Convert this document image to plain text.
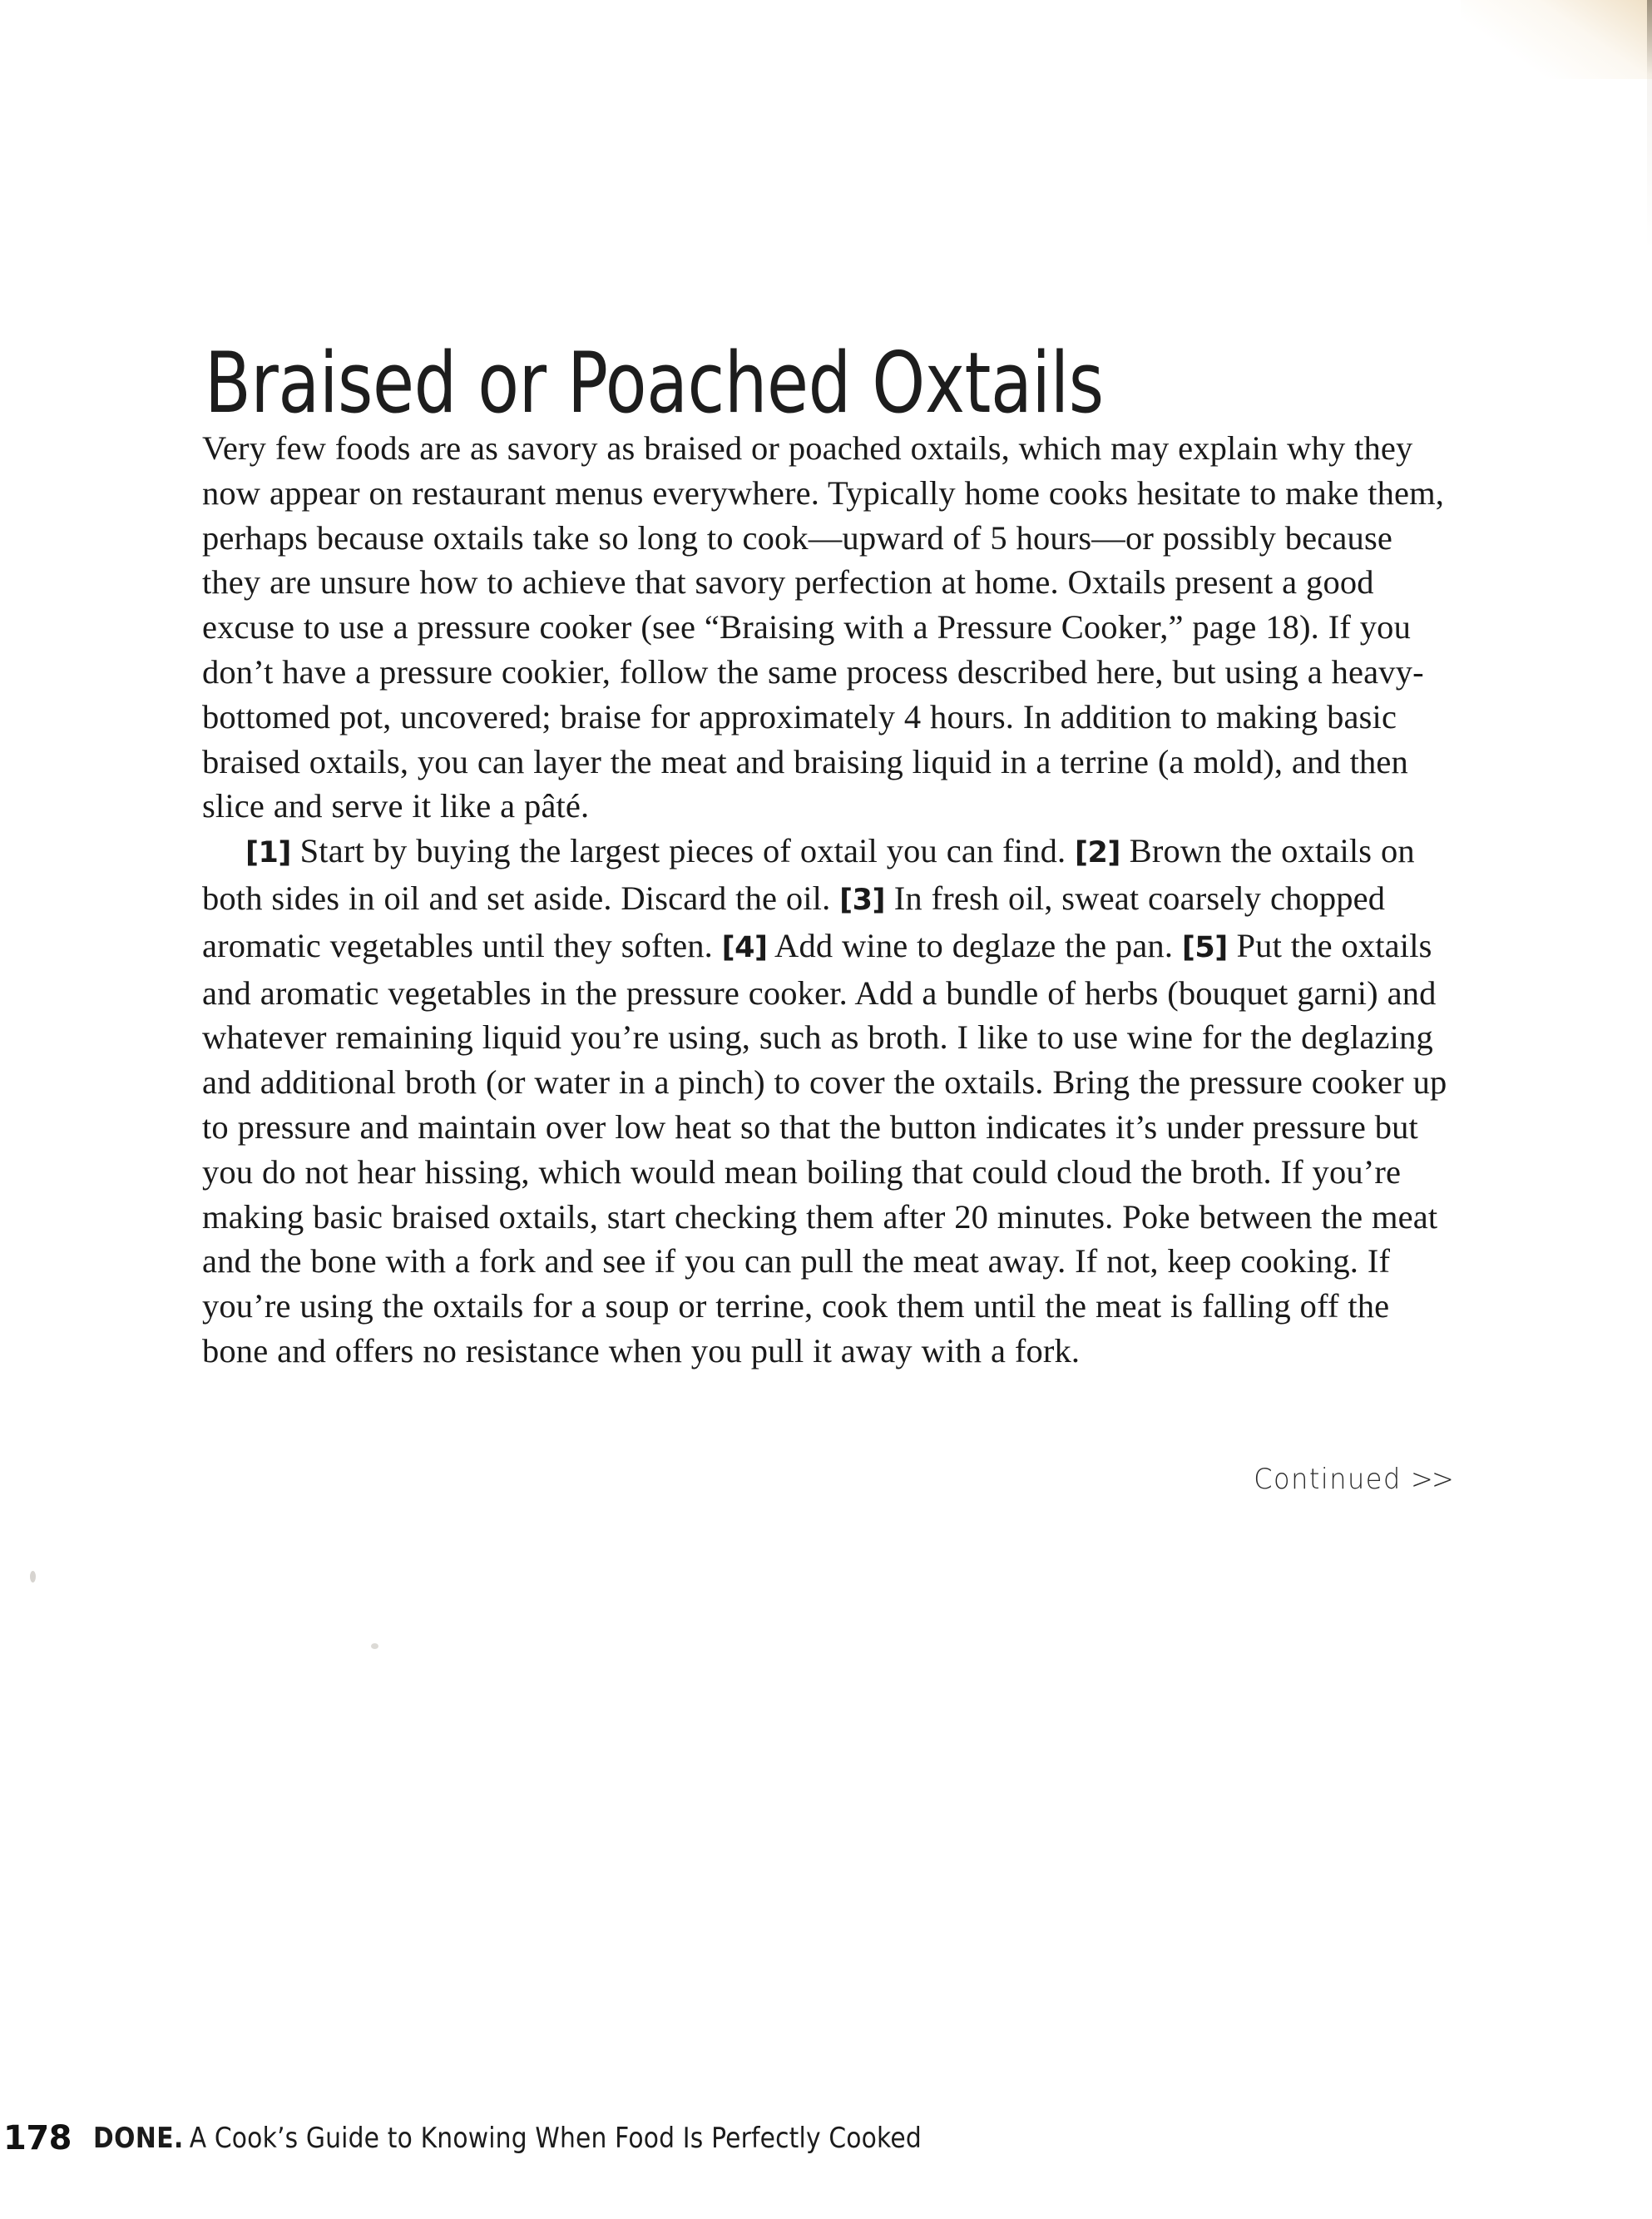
Braised or Poached Oxtails

Very few foods are as savory as braised or poached oxtails, which may explain why they now appear on restaurant menus everywhere. Typically home cooks hesitate to make them, perhaps because oxtails take so long to cook—upward of 5 hours—or possibly because they are unsure how to achieve that savory perfection at home. Oxtails present a good excuse to use a pressure cooker (see “Braising with a Pressure Cooker,” page 18). If you don’t have a pressure cookier, follow the same process described here, but using a heavy-bottomed pot, uncovered; braise for approximately 4 hours. In addition to making basic braised oxtails, you can layer the meat and braising liquid in a terrine (a mold), and then slice and serve it like a pâté.

[1] Start by buying the largest pieces of oxtail you can find. [2] Brown the oxtails on both sides in oil and set aside. Discard the oil. [3] In fresh oil, sweat coarsely chopped aromatic vegetables until they soften. [4] Add wine to deglaze the pan. [5] Put the oxtails and aromatic vegetables in the pressure cooker. Add a bundle of herbs (bouquet garni) and whatever remaining liquid you’re using, such as broth. I like to use wine for the deglazing and additional broth (or water in a pinch) to cover the oxtails. Bring the pressure cooker up to pressure and maintain over low heat so that the button indicates it’s under pressure but you do not hear hissing, which would mean boiling that could cloud the broth. If you’re making basic braised oxtails, start checking them after 20 minutes. Poke between the meat and the bone with a fork and see if you can pull the meat away. If not, keep cooking. If you’re using the oxtails for a soup or terrine, cook them until the meat is falling off the bone and offers no resistance when you pull it away with a fork.

Continued >>
178 DONE. A Cook’s Guide to Knowing When Food Is Perfectly Cooked
